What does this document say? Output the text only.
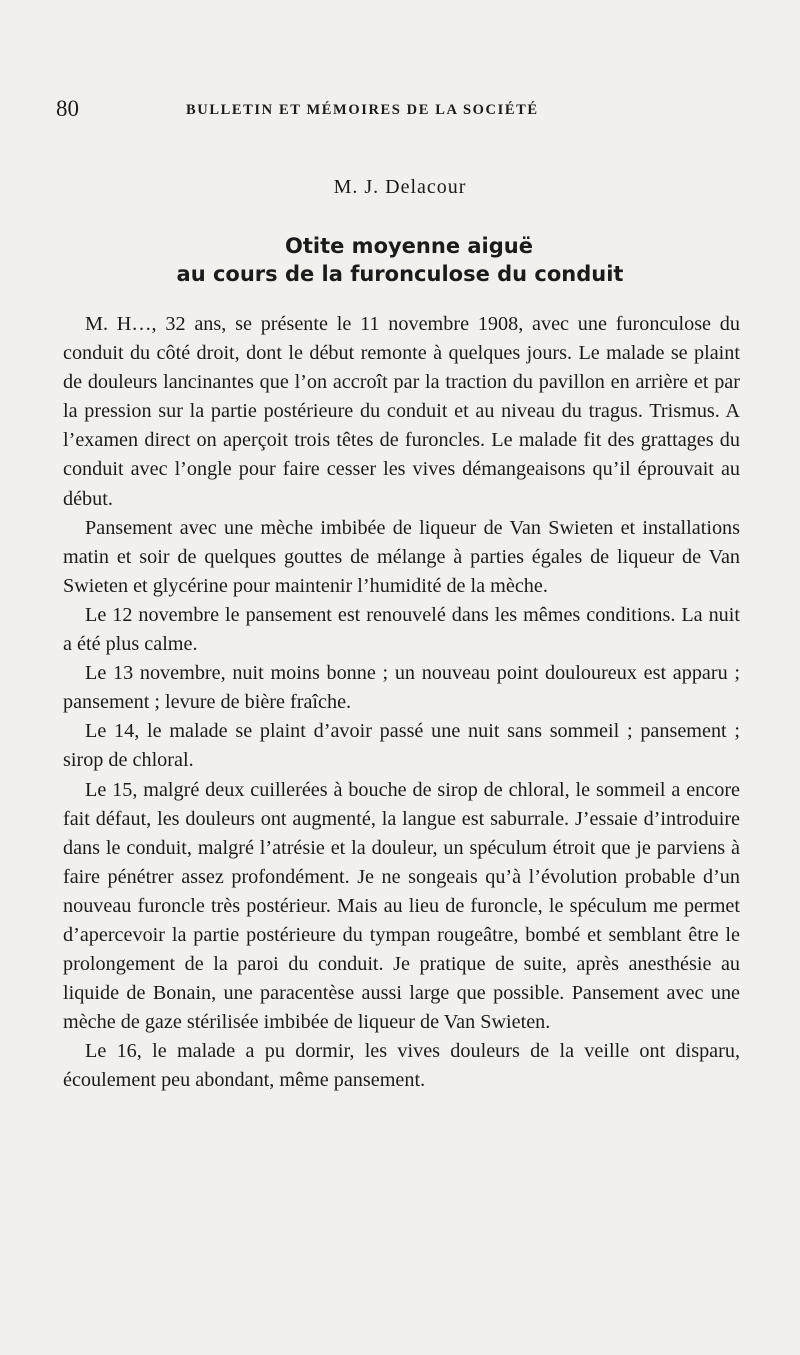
80	BULLETIN ET MÉMOIRES DE LA SOCIÉTÉ
M. J. Delacour
Otite moyenne aiguë
au cours de la furonculose du conduit

M. H…, 32 ans, se présente le 11 novembre 1908, avec une furonculose du conduit du côté droit, dont le début remonte à quelques jours. Le malade se plaint de douleurs lancinantes que l’on accroît par la traction du pavillon en arrière et par la pression sur la partie postérieure du conduit et au niveau du tragus. Trismus. A l’examen direct on aperçoit trois têtes de furoncles. Le malade fit des grattages du conduit avec l’ongle pour faire cesser les vives démangeaisons qu’il éprouvait au début.

Pansement avec une mèche imbibée de liqueur de Van Swieten et installations matin et soir de quelques gouttes de mélange à parties égales de liqueur de Van Swieten et glycérine pour maintenir l’humidité de la mèche.

Le 12 novembre le pansement est renouvelé dans les mêmes conditions. La nuit a été plus calme.

Le 13 novembre, nuit moins bonne ; un nouveau point douloureux est apparu ; pansement ; levure de bière fraîche.

Le 14, le malade se plaint d’avoir passé une nuit sans sommeil ; pansement ; sirop de chloral.

Le 15, malgré deux cuillerées à bouche de sirop de chloral, le sommeil a encore fait défaut, les douleurs ont augmenté, la langue est saburrale. J’essaie d’introduire dans le conduit, malgré l’atrésie et la douleur, un spéculum étroit que je parviens à faire pénétrer assez profondément. Je ne songeais qu’à l’évolution probable d’un nouveau furoncle très postérieur. Mais au lieu de furoncle, le spéculum me permet d’apercevoir la partie postérieure du tympan rougeâtre, bombé et semblant être le prolongement de la paroi du conduit. Je pratique de suite, après anesthésie au liquide de Bonain, une paracentèse aussi large que possible. Pansement avec une mèche de gaze stérilisée imbibée de liqueur de Van Swieten.

Le 16, le malade a pu dormir, les vives douleurs de la veille ont disparu, écoulement peu abondant, même pansement.
